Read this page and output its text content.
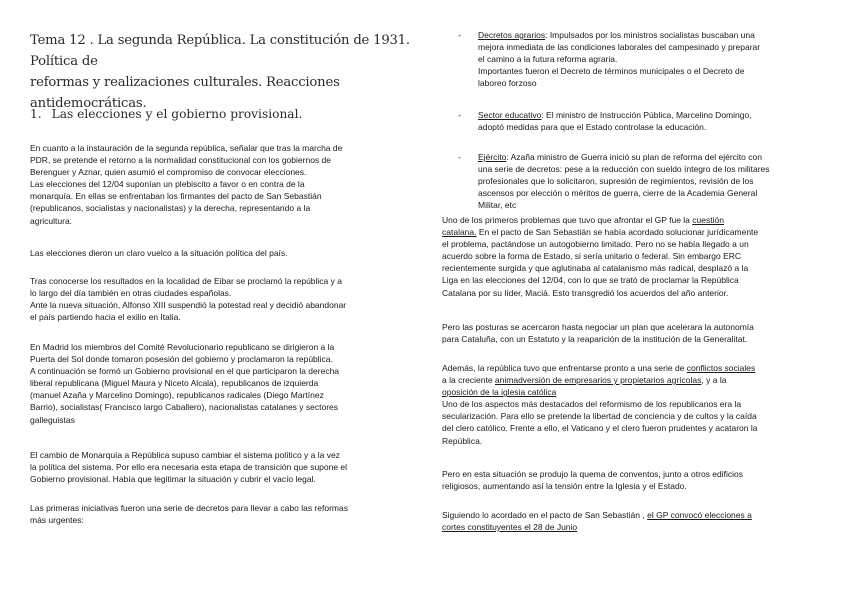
Tema 12 . La segunda República. La constitución de 1931. Política de
reformas y realizaciones culturales. Reacciones antidemocráticas.
1. Las elecciones y el gobierno provisional.

En cuanto a la instauración de la segunda república, señalar que tras la marcha de
PDR, se pretende el retorno a la normalidad constitucional con los gobiernos de
Berenguer y Aznar, quien asumió el compromiso de convocar elecciones.
Las elecciones del 12/04 suponían un plebiscito a favor o en contra de la
monarquía. En ellas se enfrentaban los firmantes del pacto de San Sebastián
(republicanos, socialistas y nacionalistas) y la derecha, representando a la
agricultura.

Las elecciones dieron un claro vuelco a la situación política del país.

Tras conocerse los resultados en la localidad de Eibar se proclamó la república y a
lo largo del día también en otras ciudades españolas.
Ante la nueva situación, Alfonso XIII suspendió la potestad real y decidió abandonar
el país partiendo hacia el exilio en Italia.

En Madrid los miembros del Comité Revolucionario republicano se dirigieron a la
Puerta del Sol donde tomaron posesión del gobierno y proclamaron la república.
A continuación se formó un Gobierno provisional en el que participaron la derecha
liberal republicana (Miguel Maura y Niceto Alcala), republicanos de izquierda
(manuel Azaña y Marcelino Domingo), republicanos radicales (Diego Martínez
Barrio), socialistas( Francisco largo Caballero), nacionalistas catalanes y sectores
galleguistas

El cambio de Monarquía a República supuso cambiar el sistema político y a la vez
la política del sistema. Por ello era necesaria esta etapa de transición que supone el
Gobierno provisional. Había que legitimar la situación y cubrir el vacío legal.

Las primeras iniciativas fueron una serie de decretos para llevar a cabo las reformas
más urgentes:

- Decretos agrarios: Impulsados por los ministros socialistas buscaban una
mejora inmediata de las condiciones laborales del campesinado y preparar
el camino a la futura reforma agraria.
Importantes fueron el Decreto de términos municipales o el Decreto de
laboreo forzoso
- Sector educativo: El ministro de Instrucción Pública, Marcelino Domingo,
adoptó medidas para que el Estado controlase la educación.
- Ejército: Azaña ministro de Guerra inició su plan de reforma del ejército con
una serie de decretos: pese a la reducción con sueldo íntegro de los militares
profesionales que lo solicitaron, supresión de regimientos, revisión de los
ascensos por elección o méritos de guerra, cierre de la Academia General
Militar, etc

Uno de los primeros problemas que tuvo que afrontar el GP fue la cuestión
catalana. En el pacto de San Sebastián se había acordado solucionar jurídicamente
el problema, pactándose un autogobierno limitado. Pero no se había llegado a un
acuerdo sobre la forma de Estado, si sería unitario o federal. Sin embargo ERC
recientemente surgida y que aglutinaba al catalanismo más radical, desplazó a la
Liga en las elecciones del 12/04, con lo que se trató de proclamar la República
Catalana por su líder, Macià. Esto transgredió los acuerdos del año anterior.

Pero las posturas se acercaron hasta negociar un plan que acelerara la autonomía
para Cataluña, con un Estatuto y la reaparición de la institución de la Generalitat.

Además, la república tuvo que enfrentarse pronto a una serie de conflictos sociales
a la creciente animadversión de empresarios y propietarios agrícolas, y a la
oposición de la iglesia católica
Uno de los aspectos más destacados del reformismo de los republicanos era la
secularización. Para ello se pretende la libertad de conciencia y de cultos y la caída
del clero católico. Frente a ello, el Vaticano y el clero fueron prudentes y acataron la
República.

Pero en esta situación se produjo la quema de conventos, junto a otros edificios
religiosos, aumentando así la tensión entre la Iglesia y el Estado.

Siguiendo lo acordado en el pacto de San Sebastián , el GP convocó elecciones a
cortes constituyentes el 28 de Junio
